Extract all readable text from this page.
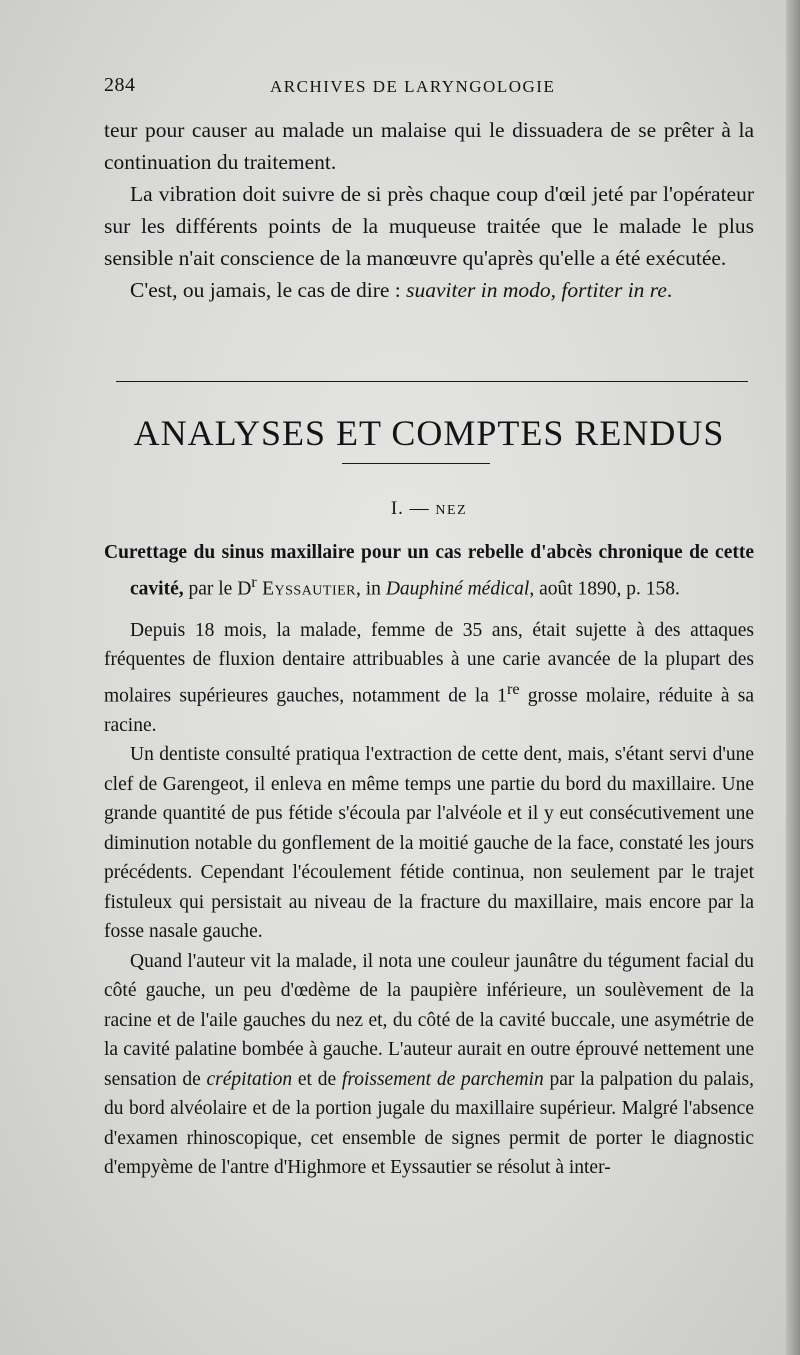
284	ARCHIVES DE LARYNGOLOGIE

teur pour causer au malade un malaise qui le dissuadera de se prêter à la continuation du traitement.

La vibration doit suivre de si près chaque coup d'œil jeté par l'opérateur sur les différents points de la muqueuse traitée que le malade le plus sensible n'ait conscience de la manœuvre qu'après qu'elle a été exécutée.

C'est, ou jamais, le cas de dire : suaviter in modo, fortiter in re.

ANALYSES ET COMPTES RENDUS
I. — NEZ

Curettage du sinus maxillaire pour un cas rebelle d'abcès chronique de cette cavité, par le $D^r$ Eyssautier, in Dauphiné médical, août 1890, p. 158.

Depuis 18 mois, la malade, femme de 35 ans, était sujette à des attaques fréquentes de fluxion dentaire attribuables à une carie avancée de la plupart des molaires supérieures gauches, notamment de la 1re grosse molaire, réduite à sa racine.

Un dentiste consulté pratiqua l'extraction de cette dent, mais, s'étant servi d'une clef de Garengeot, il enleva en même temps une partie du bord du maxillaire. Une grande quantité de pus fétide s'écoula par l'alvéole et il y eut consécutivement une diminution notable du gonflement de la moitié gauche de la face, constaté les jours précédents. Cependant l'écoulement fétide continua, non seulement par le trajet fistuleux qui persistait au niveau de la fracture du maxillaire, mais encore par la fosse nasale gauche.

Quand l'auteur vit la malade, il nota une couleur jaunâtre du tégument facial du côté gauche, un peu d'œdème de la paupière inférieure, un soulèvement de la racine et de l'aile gauches du nez et, du côté de la cavité buccale, une asymétrie de la cavité palatine bombée à gauche. L'auteur aurait en outre éprouvé nettement une sensation de crépitation et de froissement de parchemin par la palpation du palais, du bord alvéolaire et de la portion jugale du maxillaire supérieur. Malgré l'absence d'examen rhinoscopique, cet ensemble de signes permit de porter le diagnostic d'empyème de l'antre d'Highmore et Eyssautier se résolut à inter-
